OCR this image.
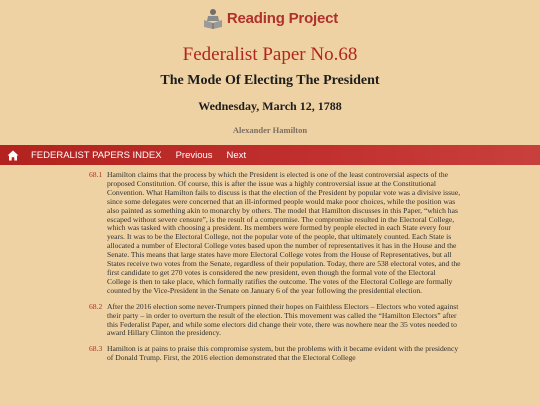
Reading Project
Federalist Paper No.68
The Mode Of Electing The President
Wednesday, March 12, 1788
Alexander Hamilton
FEDERALIST PAPERS INDEX Previous Next
68.1 Hamilton claims that the process by which the President is elected is one of the least controversial aspects of the proposed Constitution. Of course, this is after the issue was a highly controversial issue at the Constitutional Convention. What Hamilton fails to discuss is that the election of the President by popular vote was a divisive issue, since some delegates were concerned that an ill-informed people would make poor choices, while the position was also painted as something akin to monarchy by others. The model that Hamilton discusses in this Paper, “which has escaped without severe censure”, is the result of a compromise. The compromise resulted in the Electoral College, which was tasked with choosing a president. Its members were formed by people elected in each State every four years. It was to be the Electoral College, not the popular vote of the people, that ultimately counted. Each State is allocated a number of Electoral College votes based upon the number of representatives it has in the House and the Senate. This means that large states have more Electoral College votes from the House of Representatives, but all States receive two votes from the Senate, regardless of their population. Today, there are 538 electoral votes, and the first candidate to get 270 votes is considered the new president, even though the formal vote of the Electoral College is then to take place, which formally ratifies the outcome. The votes of the Electoral College are formally counted by the Vice-President in the Senate on January 6 of the year following the presidential election.
68.2 After the 2016 election some never-Trumpers pinned their hopes on Faithless Electors – Electors who voted against their party – in order to overturn the result of the election. This movement was called the “Hamilton Electors” after this Federalist Paper, and while some electors did change their vote, there was nowhere near the 35 votes needed to award Hillary Clinton the presidency.
68.3 Hamilton is at pains to praise this compromise system, but the problems with it became evident with the presidency of Donald Trump. First, the 2016 election demonstrated that the Electoral College
